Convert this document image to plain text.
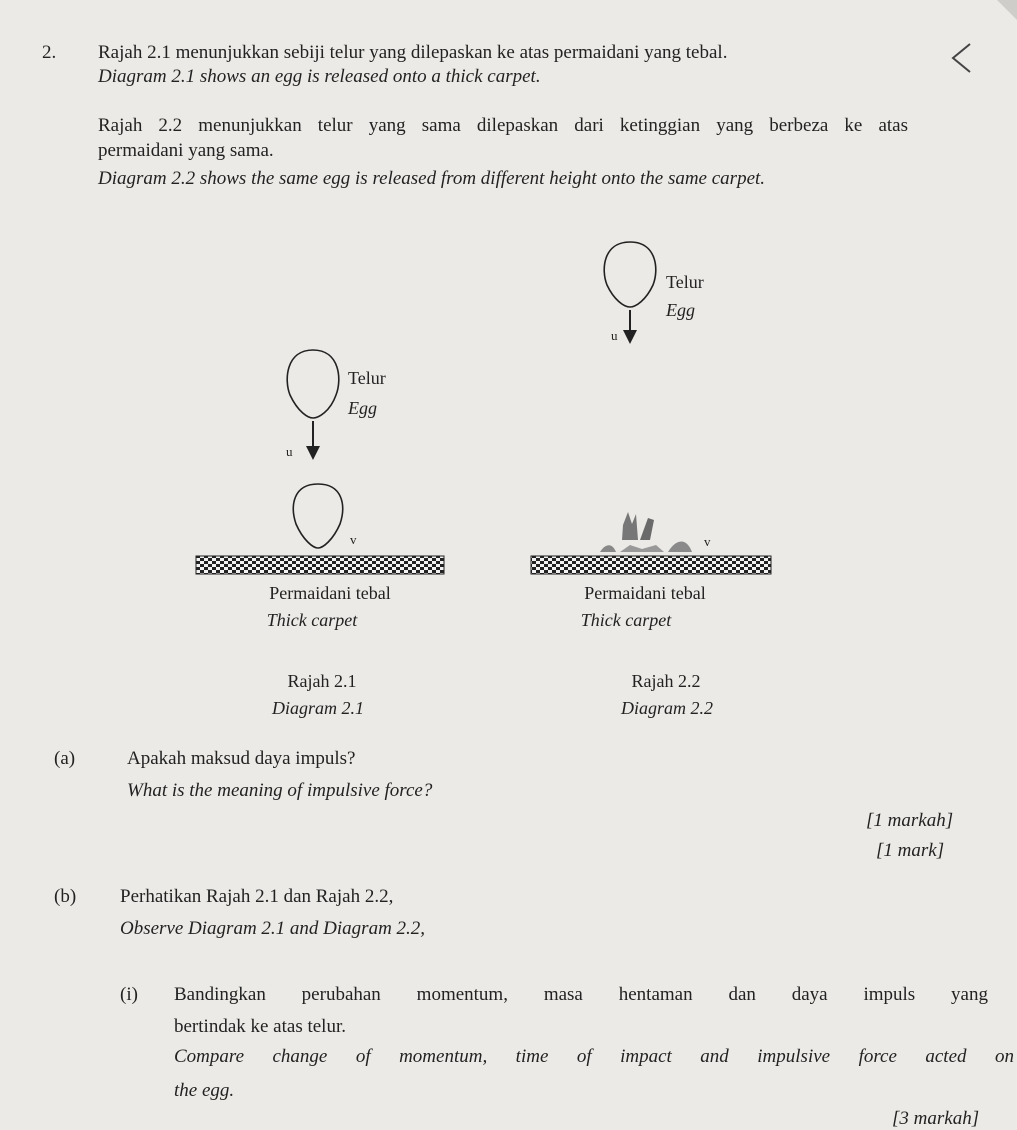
2. Rajah 2.1 menunjukkan sebiji telur yang dilepaskan ke atas permaidani yang tebal.
Diagram 2.1 shows an egg is released onto a thick carpet.
Rajah 2.2 menunjukkan telur yang sama dilepaskan dari ketinggian yang berbeza ke atas
permaidani yang sama.
Diagram 2.2 shows the same egg is released from different height onto the same carpet.
Telur
Egg
u
v
Permaidani tebal
Thick carpet
Rajah 2.1
Diagram 2.1
Telur
Egg
u
v
Permaidani tebal
Thick carpet
Rajah 2.2
Diagram 2.2
(a)	Apakah maksud daya impuls?
What is the meaning of impulsive force?
[1 markah]
[1 mark]
(b) Perhatikan Rajah 2.1 dan Rajah 2.2,
Observe Diagram 2.1 and Diagram 2.2,
(i) Bandingkan perubahan momentum, masa hentaman dan daya impuls yang
bertindak ke atas telur.
Compare change of momentum, time of impact and impulsive force acted on
the egg.
[3 markah]
